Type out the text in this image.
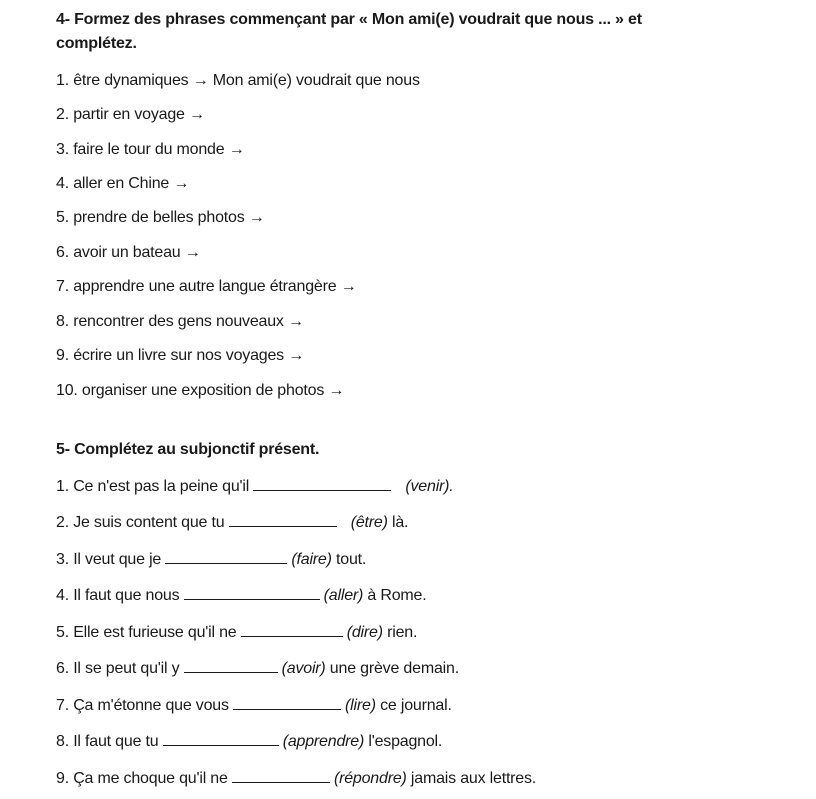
4- Formez des phrases commençant par « Mon ami(e) voudrait que nous ... » et
complétez.
1. être dynamiques → Mon ami(e) voudrait que nous
2. partir en voyage →
3. faire le tour du monde →
4. aller en Chine →
5. prendre de belles photos →
6. avoir un bateau →
7. apprendre une autre langue étrangère →
8. rencontrer des gens nouveaux →
9. écrire un livre sur nos voyages →
10. organiser une exposition de photos →
5- Complétez au subjonctif présent.
1. Ce n'est pas la peine qu'il	(venir).
2. Je suis content que tu	(être) là.
3. Il veut que je	(faire) tout.
4. Il faut que nous	(aller) à Rome.
5. Elle est furieuse qu'il ne	(dire) rien.
6. Il se peut qu'il y	(avoir) une grève demain.
7. Ça m'étonne que vous	(lire) ce journal.
8. Il faut que tu	(apprendre) l'espagnol.
9. Ça me choque qu'il ne	(répondre) jamais aux lettres.
